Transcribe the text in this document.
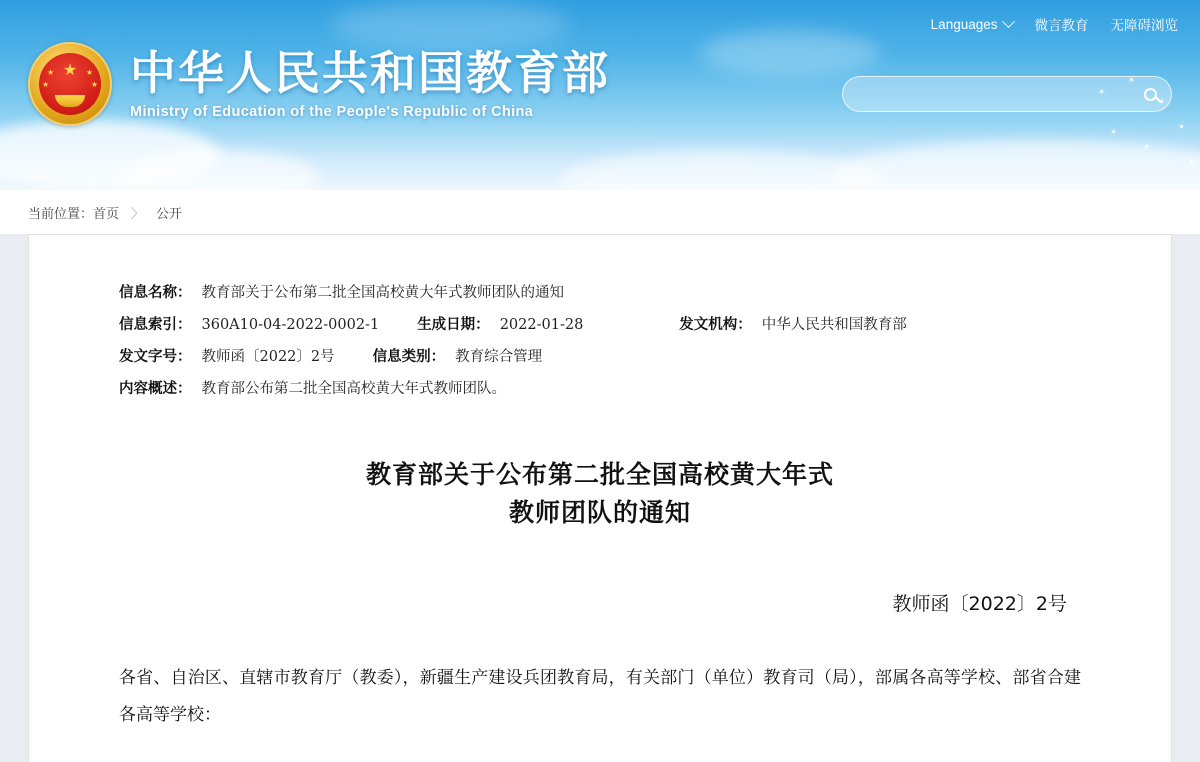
Languages	微言教育 无障碍浏览
★
★
★
★
★ 中华人民共和国教育部
Ministry of Education of the People's Republic of China
当前位置： 首页 〉 公开
信息名称： 教育部关于公布第二批全国高校黄大年式教师团队的通知
信息索引： 360A10-04-2022-0002-1	生成日期： 2022-01-28	发文机构： 中华人民共和国教育部
发文字号： 教师函〔2022〕2号	信息类别： 教育综合管理
内容概述： 教育部公布第二批全国高校黄大年式教师团队。
教育部关于公布第二批全国高校黄大年式
教师团队的通知
教师函〔2022〕2号
各省、自治区、直辖市教育厅（教委），新疆生产建设兵团教育局，有关部门（单位）教育司（局），部属各高等学校、部省合建各高等学校：
